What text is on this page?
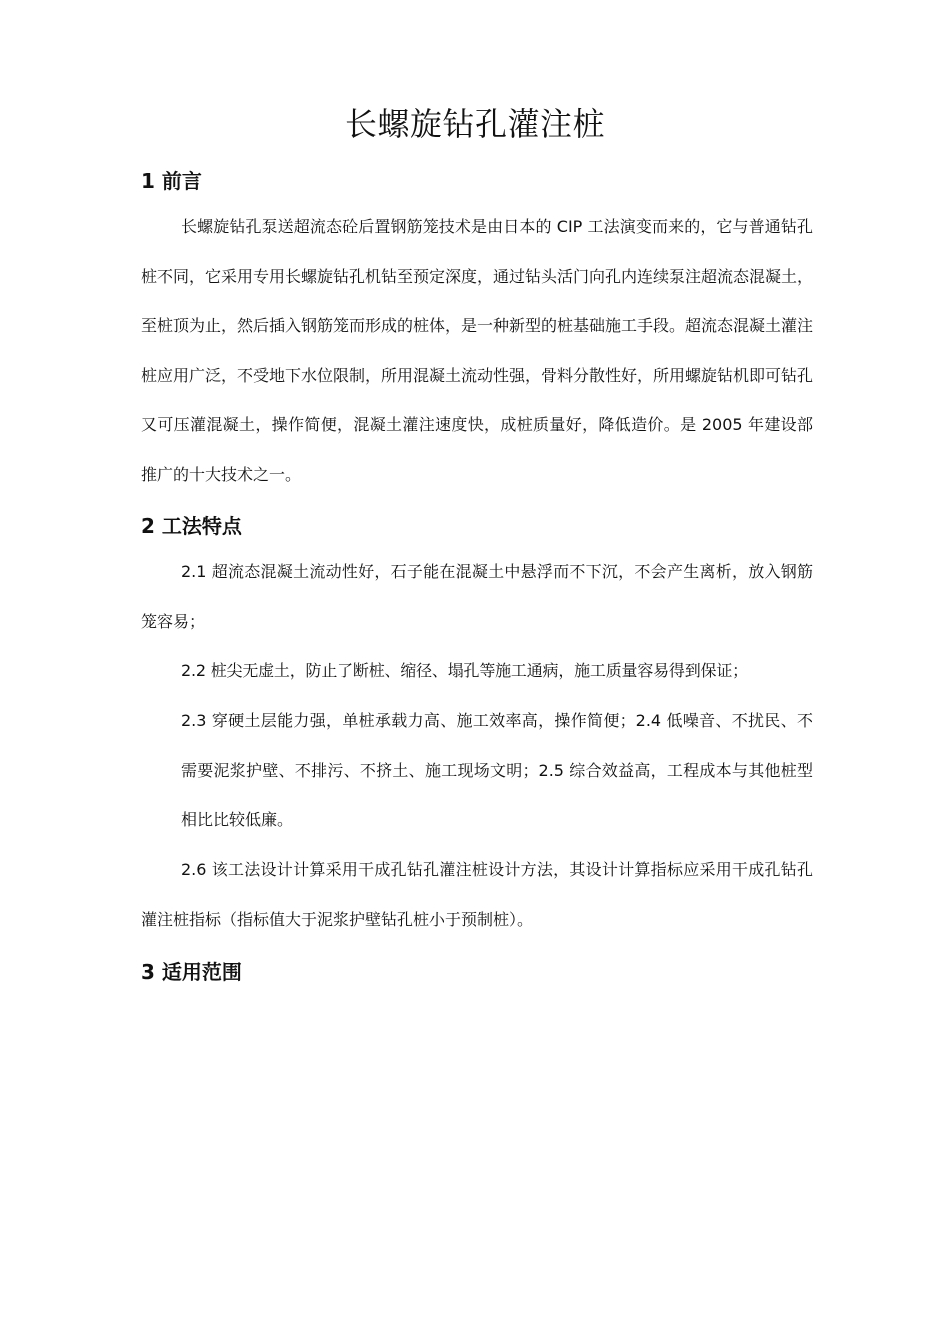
长螺旋钻孔灌注桩
1 前言

长螺旋钻孔泵送超流态砼后置钢筋笼技术是由日本的 CIP 工法演变而来的，它与普通钻孔桩不同，它采用专用长螺旋钻孔机钻至预定深度，通过钻头活门向孔内连续泵注超流态混凝土，至桩顶为止，然后插入钢筋笼而形成的桩体，是一种新型的桩基础施工手段。超流态混凝土灌注桩应用广泛，不受地下水位限制，所用混凝土流动性强，骨料分散性好，所用螺旋钻机即可钻孔又可压灌混凝土，操作简便，混凝土灌注速度快，成桩质量好，降低造价。是 2005 年建设部推广的十大技术之一。

2 工法特点

2.1 超流态混凝土流动性好，石子能在混凝土中悬浮而不下沉，不会产生离析，放入钢筋笼容易；

2.2 桩尖无虚土，防止了断桩、缩径、塌孔等施工通病，施工质量容易得到保证；

2.3 穿硬土层能力强，单桩承载力高、施工效率高，操作简便；2.4 低噪音、不扰民、不需要泥浆护壁、不排污、不挤土、施工现场文明；2.5 综合效益高，工程成本与其他桩型相比比较低廉。

2.6 该工法设计计算采用干成孔钻孔灌注桩设计方法，其设计计算指标应采用干成孔钻孔灌注桩指标（指标值大于泥浆护壁钻孔桩小于预制桩）。

3 适用范围
